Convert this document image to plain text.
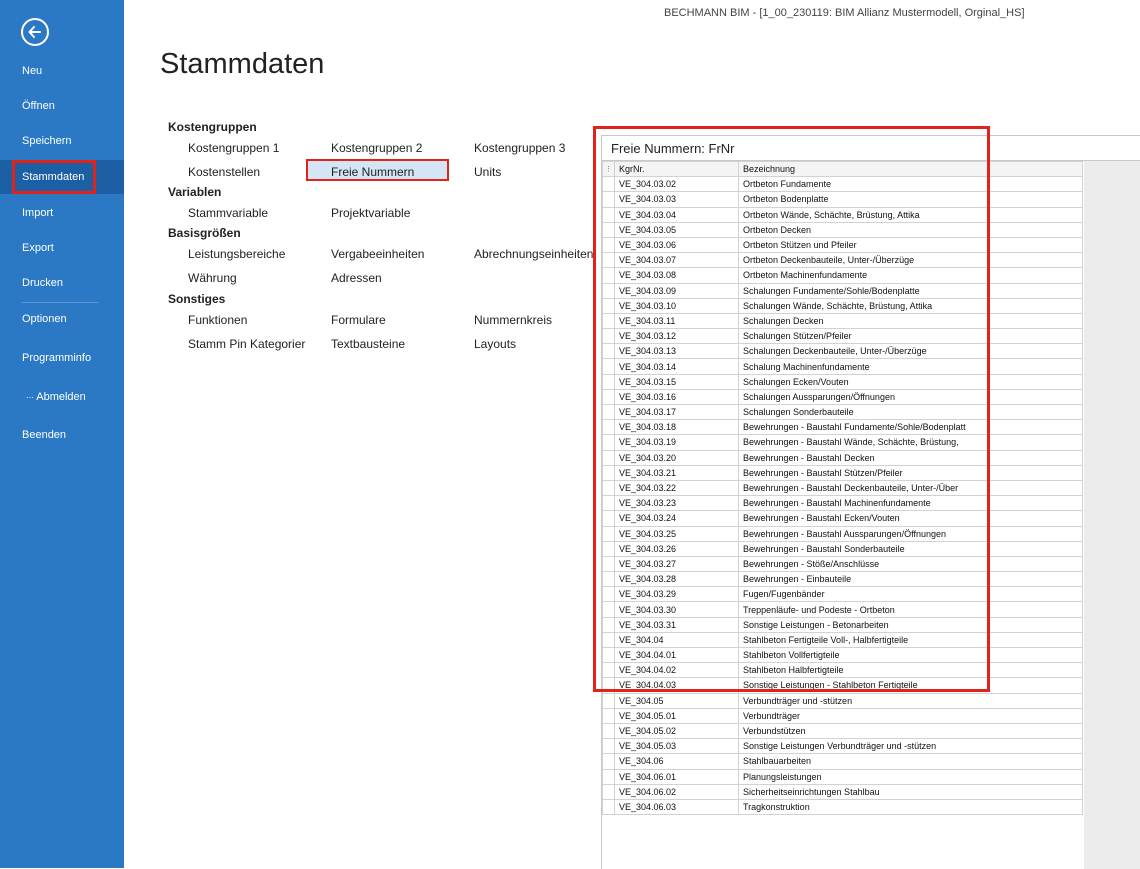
Neu
Öffnen
Speichern
Stammdaten
Import
Export
Drucken
Optionen
Programminfo
⋯ Abmelden
Beenden
BECHMANN BIM - [1_00_230119: BIM Allianz Mustermodell, Orginal_HS]
Stammdaten
Kostengruppen
Kostengruppen 1	Kostengruppen 2	Kostengruppen 3
Kostenstellen	Freie Nummern	Units
Variablen
Stammvariable	Projektvariable
Basisgrößen
Leistungsbereiche	Vergabeeinheiten	Abrechnungseinheiten
Währung	Adressen
Sonstiges
Funktionen	Formulare	Nummernkreis
Stamm Pin Kategorier Textbausteine	Layouts
Freie Nummern: FrNr
⋮	KgrNr.	Bezeichnung
	VE_304.03.02	Ortbeton Fundamente
	VE_304.03.03	Ortbeton Bodenplatte
	VE_304.03.04	Ortbeton Wände, Schächte, Brüstung, Attika
	VE_304.03.05	Ortbeton Decken
	VE_304.03.06	Ortbeton Stützen und Pfeiler
	VE_304.03.07	Ortbeton Deckenbauteile, Unter-/Überzüge
	VE_304.03.08	Ortbeton Machinenfundamente
	VE_304.03.09	Schalungen Fundamente/Sohle/Bodenplatte
	VE_304.03.10	Schalungen Wände, Schächte, Brüstung, Attika
	VE_304.03.11	Schalungen Decken
	VE_304.03.12	Schalungen Stützen/Pfeiler
	VE_304.03.13	Schalungen Deckenbauteile, Unter-/Überzüge
	VE_304.03.14	Schalung Machinenfundamente
	VE_304.03.15	Schalungen Ecken/Vouten
	VE_304.03.16	Schalungen Aussparungen/Öffnungen
	VE_304.03.17	Schalungen Sonderbauteile
	VE_304.03.18	Bewehrungen - Baustahl Fundamente/Sohle/Bodenplatt
	VE_304.03.19	Bewehrungen - Baustahl Wände, Schächte, Brüstung,
	VE_304.03.20	Bewehrungen - Baustahl Decken
	VE_304.03.21	Bewehrungen - Baustahl Stützen/Pfeiler
	VE_304.03.22	Bewehrungen - Baustahl Deckenbauteile, Unter-/Über
	VE_304.03.23	Bewehrungen - Baustahl Machinenfundamente
	VE_304.03.24	Bewehrungen - Baustahl Ecken/Vouten
	VE_304.03.25	Bewehrungen - Baustahl Aussparungen/Öffnungen
	VE_304.03.26	Bewehrungen - Baustahl Sonderbauteile
	VE_304.03.27	Bewehrungen - Stöße/Anschlüsse
	VE_304.03.28	Bewehrungen - Einbauteile
	VE_304.03.29	Fugen/Fugenbänder
	VE_304.03.30	Treppenläufe- und Podeste - Ortbeton
	VE_304.03.31	Sonstige Leistungen - Betonarbeiten
	VE_304.04	Stahlbeton Fertigteile Voll-, Halbfertigteile
	VE_304.04.01	Stahlbeton Vollfertigteile
	VE_304.04.02	Stahlbeton Halbfertigteile
	VE_304.04.03	Sonstige Leistungen - Stahlbeton Fertigteile
	VE_304.05	Verbundträger und -stützen
	VE_304.05.01	Verbundträger
	VE_304.05.02	Verbundstützen
	VE_304.05.03	Sonstige Leistungen Verbundträger und -stützen
	VE_304.06	Stahlbauarbeiten
	VE_304.06.01	Planungsleistungen
	VE_304.06.02	Sicherheitseinrichtungen Stahlbau
	VE_304.06.03	Tragkonstruktion
